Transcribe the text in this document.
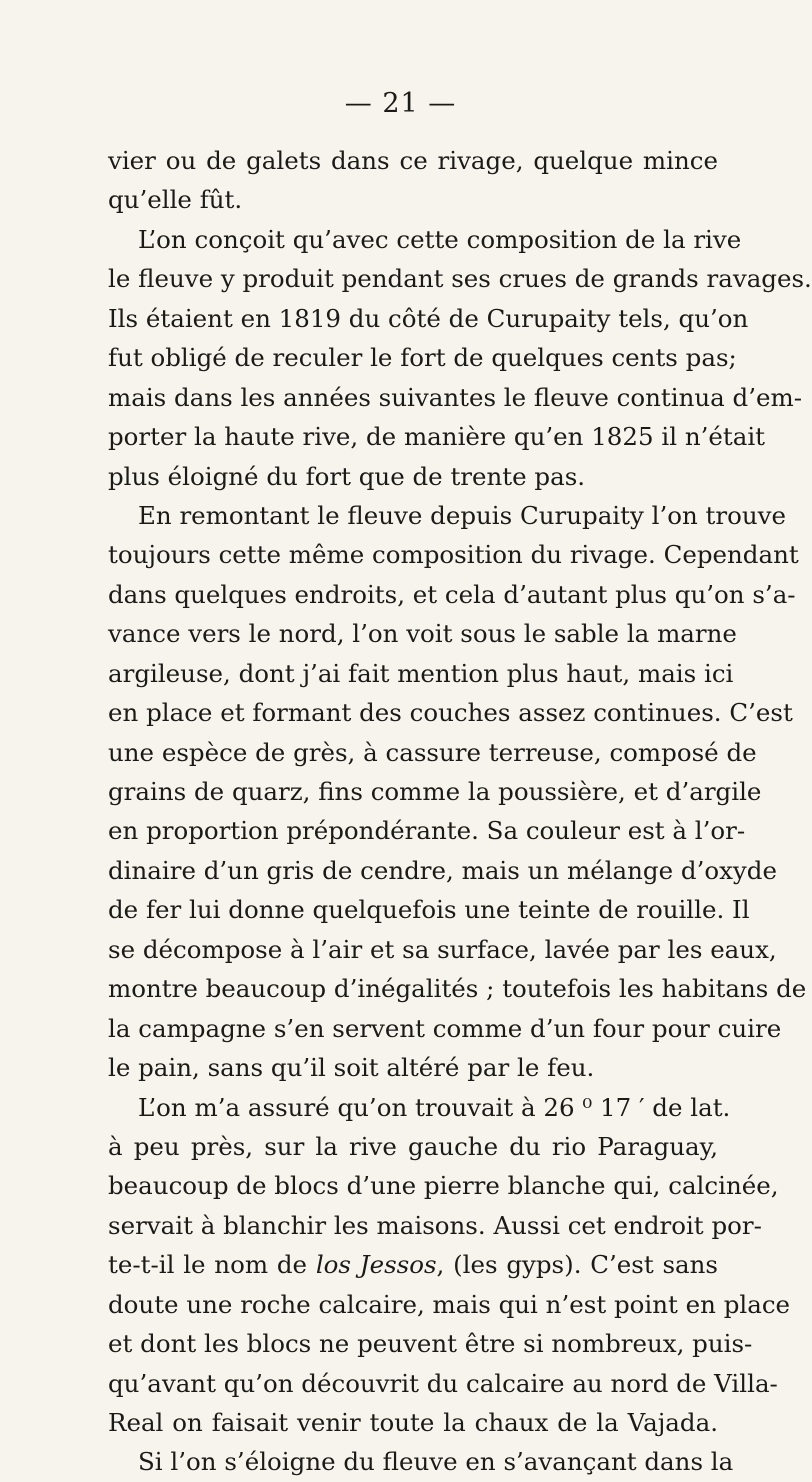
— 21 —
vier ou de galets dans ce rivage, quelque mince
qu’elle fût.
L’on conçoit qu’avec cette composition de la rive
le fleuve y produit pendant ses crues de grands ravages.
Ils étaient en 1819 du côté de Curupaity tels, qu’on
fut obligé de reculer le fort de quelques cents pas;
mais dans les années suivantes le fleuve continua d’em-
porter la haute rive, de manière qu’en 1825 il n’était
plus éloigné du fort que de trente pas.
En remontant le fleuve depuis Curupaity l’on trouve
toujours cette même composition du rivage. Cependant
dans quelques endroits, et cela d’autant plus qu’on s’a-
vance vers le nord, l’on voit sous le sable la marne
argileuse, dont j’ai fait mention plus haut, mais ici
en place et formant des couches assez continues. C’est
une espèce de grès, à cassure terreuse, composé de
grains de quarz, fins comme la poussière, et d’argile
en proportion prépondérante. Sa couleur est à l’or-
dinaire d’un gris de cendre, mais un mélange d’oxyde
de fer lui donne quelquefois une teinte de rouille. Il
se décompose à l’air et sa surface, lavée par les eaux,
montre beaucoup d’inégalités ; toutefois les habitans de
la campagne s’en servent comme d’un four pour cuire
le pain, sans qu’il soit altéré par le feu.
L’on m’a assuré qu’on trouvait à 26 ⁰ 17 ′ de lat.
à peu près, sur la rive gauche du rio Paraguay,
beaucoup de blocs d’une pierre blanche qui, calcinée,
servait à blanchir les maisons. Aussi cet endroit por-
te-t-il le nom de los Jessos, (les gyps). C’est sans
doute une roche calcaire, mais qui n’est point en place
et dont les blocs ne peuvent être si nombreux, puis-
qu’avant qu’on découvrit du calcaire au nord de Villa-
Real on faisait venir toute la chaux de la Vajada.
Si l’on s’éloigne du fleuve en s’avançant dans la
